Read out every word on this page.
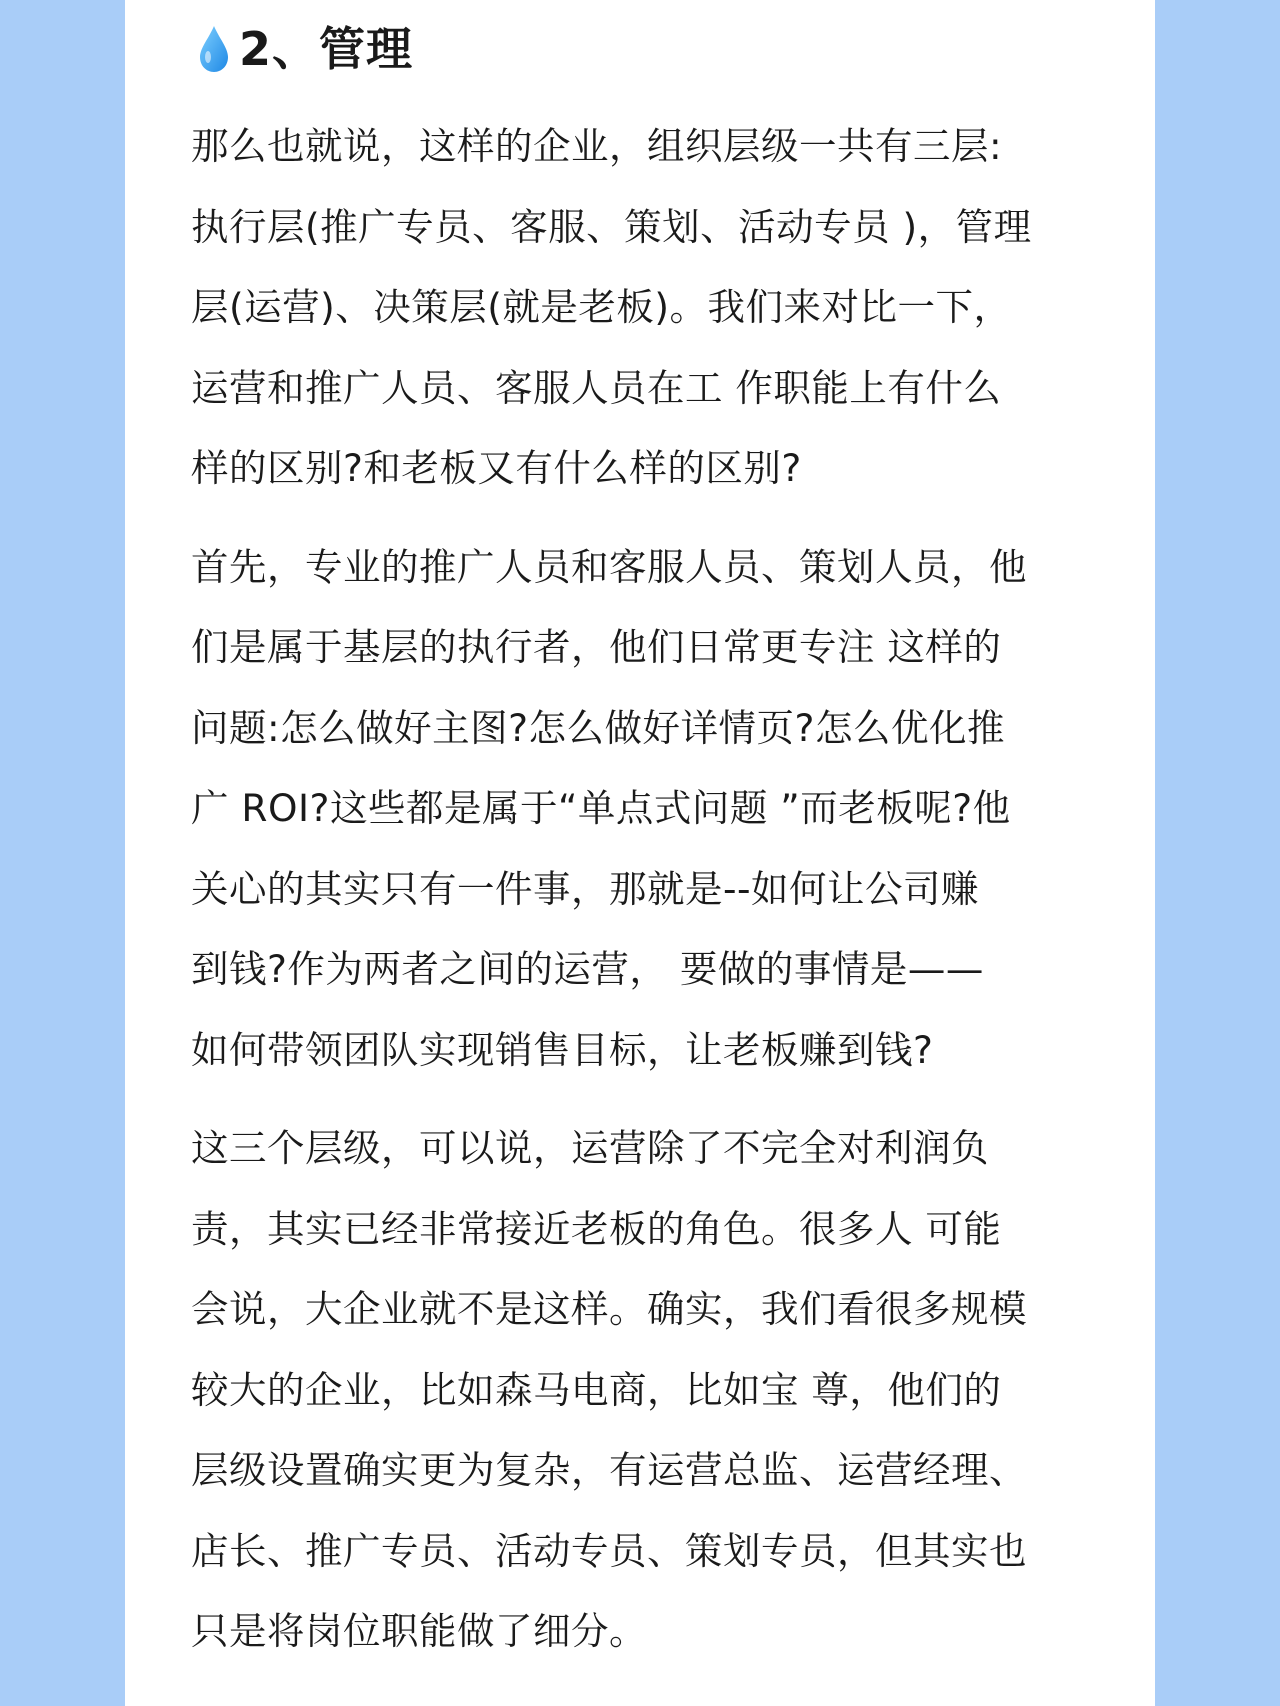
2、管理

那么也就说，这样的企业，组织层级一共有三层:
执行层(推广专员、客服、策划、活动专员 )，管理
层(运营)、决策层(就是老板)。我们来对比一下，
运营和推广人员、客服人员在工 作职能上有什么
样的区别?和老板又有什么样的区别?

首先，专业的推广人员和客服人员、策划人员，他
们是属于基层的执行者，他们日常更专注 这样的
问题:怎么做好主图?怎么做好详情页?怎么优化推
广 ROI?这些都是属于“单点式问题 ”而老板呢?他
关心的其实只有一件事，那就是--如何让公司赚
到钱?作为两者之间的运营， 要做的事情是——
如何带领团队实现销售目标，让老板赚到钱?

这三个层级，可以说，运营除了不完全对利润负
责，其实已经非常接近老板的角色。很多人 可能
会说，大企业就不是这样。确实，我们看很多规模
较大的企业，比如森马电商，比如宝 尊，他们的
层级设置确实更为复杂，有运营总监、运营经理、
店长、推广专员、活动专员、策划专员，但其实也
只是将岗位职能做了细分。
